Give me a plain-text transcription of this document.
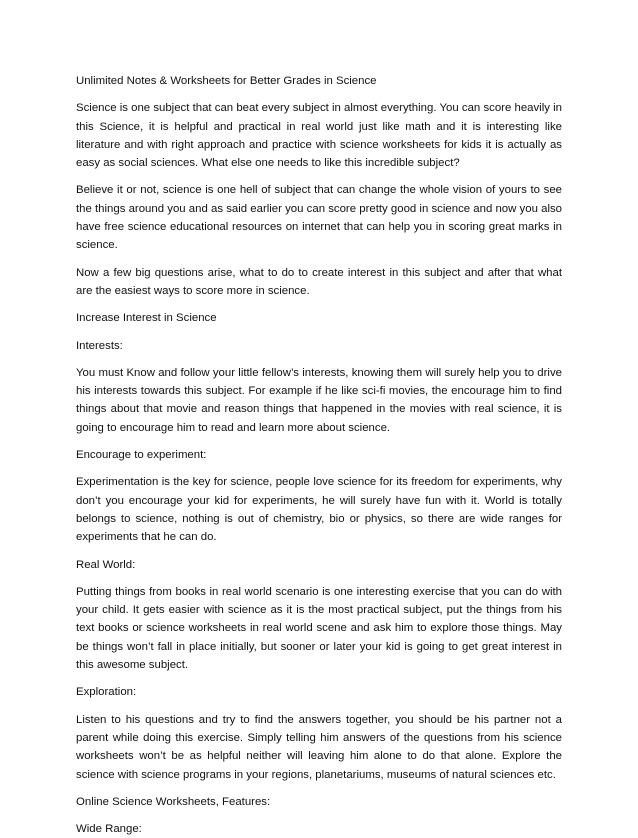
Unlimited Notes & Worksheets for Better Grades in Science

Science is one subject that can beat every subject in almost everything. You can score heavily in this Science, it is helpful and practical in real world just like math and it is interesting like literature and with right approach and practice with science worksheets for kids it is actually as easy as social sciences. What else one needs to like this incredible subject?

Believe it or not, science is one hell of subject that can change the whole vision of yours to see the things around you and as said earlier you can score pretty good in science and now you also have free science educational resources on internet that can help you in scoring great marks in science.

Now a few big questions arise, what to do to create interest in this subject and after that what are the easiest ways to score more in science.

Increase Interest in Science

Interests:

You must Know and follow your little fellow’s interests, knowing them will surely help you to drive his interests towards this subject. For example if he like sci-fi movies, the encourage him to find things about that movie and reason things that happened in the movies with real science, it is going to encourage him to read and learn more about science.

Encourage to experiment:

Experimentation is the key for science, people love science for its freedom for experiments, why don’t you encourage your kid for experiments, he will surely have fun with it. World is totally belongs to science, nothing is out of chemistry, bio or physics, so there are wide ranges for experiments that he can do.

Real World:

Putting things from books in real world scenario is one interesting exercise that you can do with your child. It gets easier with science as it is the most practical subject, put the things from his text books or science worksheets in real world scene and ask him to explore those things. May be things won’t fall in place initially, but sooner or later your kid is going to get great interest in this awesome subject.

Exploration:

Listen to his questions and try to find the answers together, you should be his partner not a parent while doing this exercise. Simply telling him answers of the questions from his science worksheets won’t be as helpful neither will leaving him alone to do that alone. Explore the science with science programs in your regions, planetariums, museums of natural sciences etc.

Online Science Worksheets, Features:

Wide Range:
